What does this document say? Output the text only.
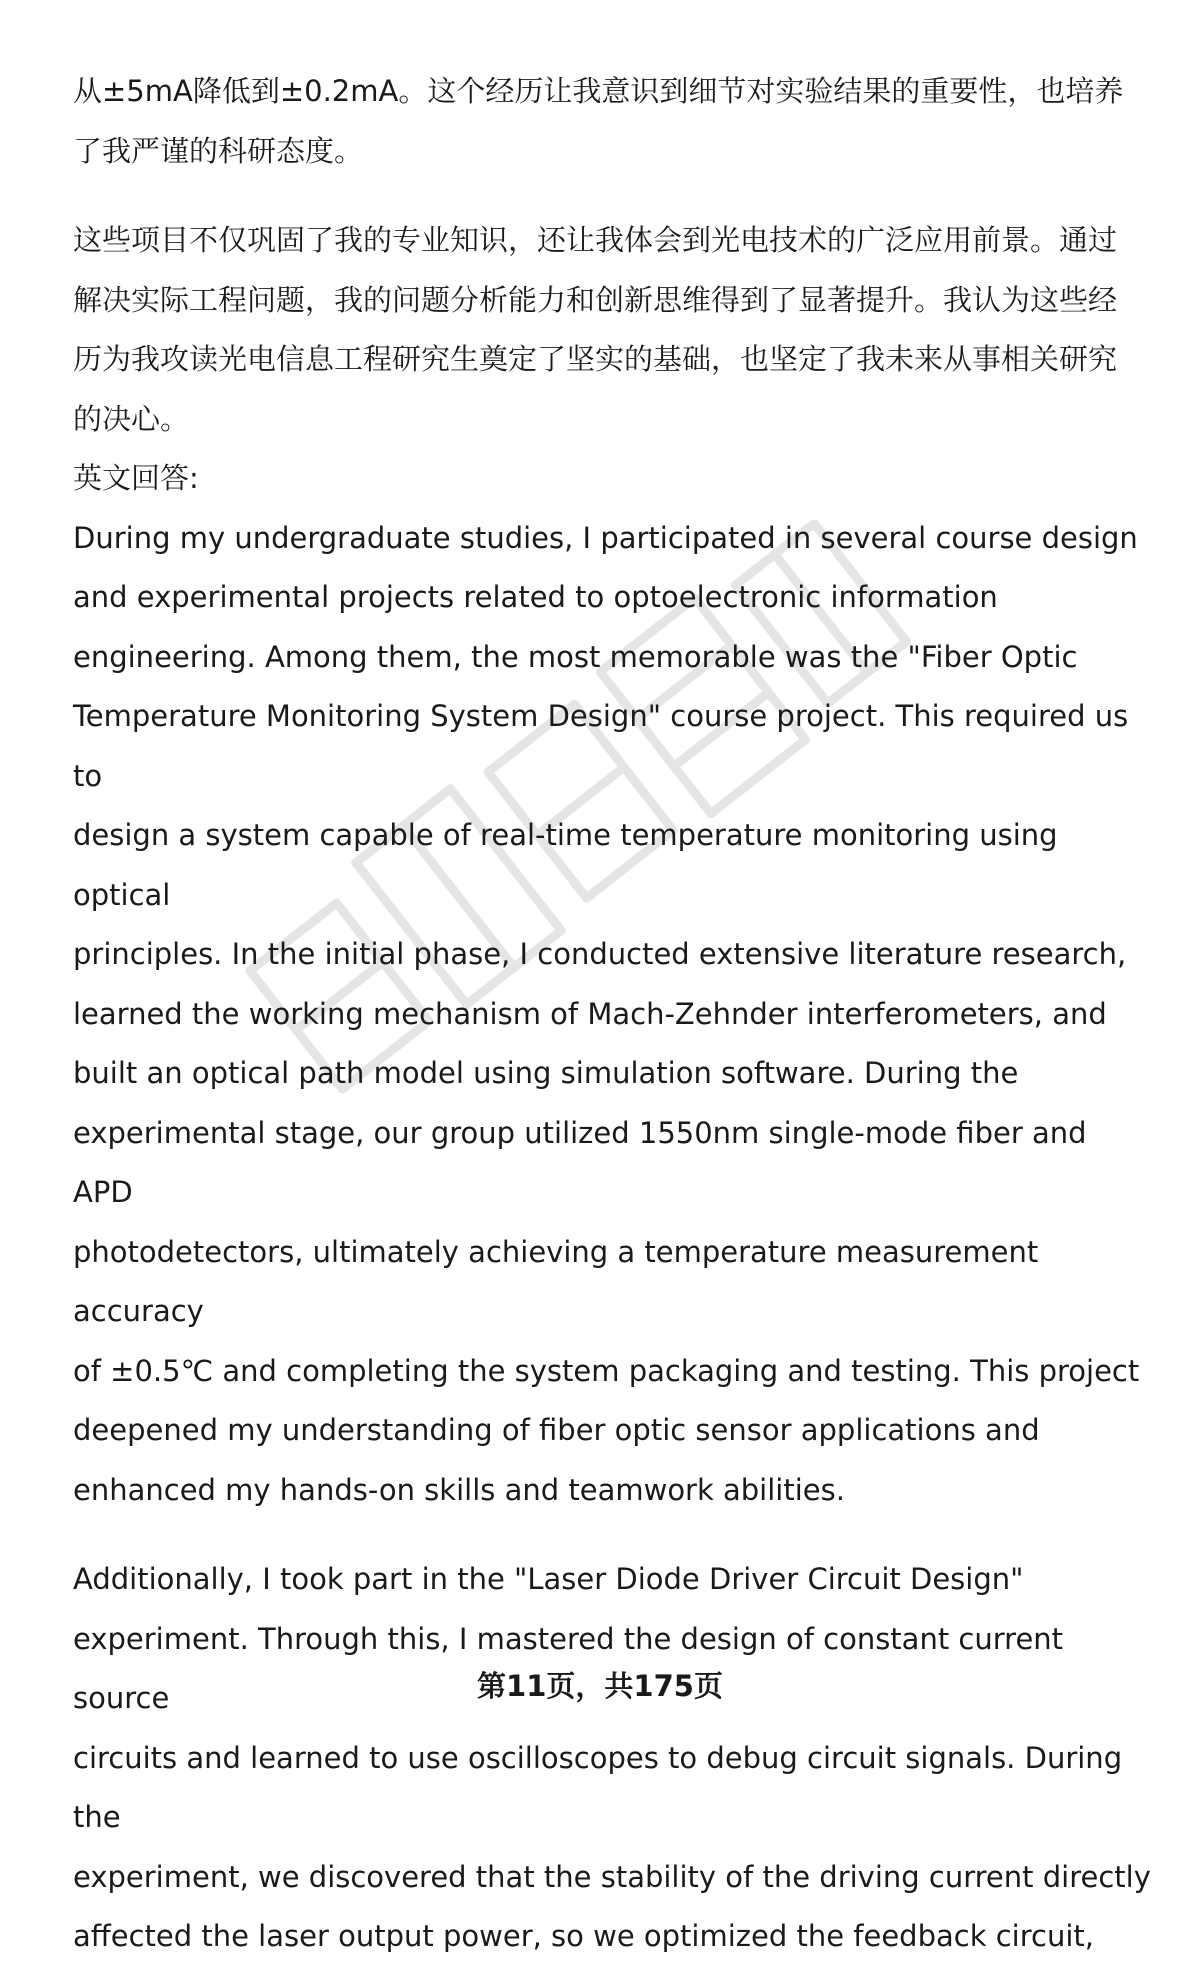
从±5mA降低到±0.2mA。这个经历让我意识到细节对实验结果的重要性，也培养
了我严谨的科研态度。

这些项目不仅巩固了我的专业知识，还让我体会到光电技术的广泛应用前景。通过
解决实际工程问题，我的问题分析能力和创新思维得到了显著提升。我认为这些经
历为我攻读光电信息工程研究生奠定了坚实的基础，也坚定了我未来从事相关研究
的决心。

英文回答:

During my undergraduate studies, I participated in several course design
and experimental projects related to optoelectronic information
engineering. Among them, the most memorable was the "Fiber Optic
Temperature Monitoring System Design" course project. This required us to
design a system capable of real-time temperature monitoring using optical
principles. In the initial phase, I conducted extensive literature research,
learned the working mechanism of Mach-Zehnder interferometers, and
built an optical path model using simulation software. During the
experimental stage, our group utilized 1550nm single-mode fiber and APD
photodetectors, ultimately achieving a temperature measurement accuracy
of ±0.5℃ and completing the system packaging and testing. This project
deepened my understanding of fiber optic sensor applications and
enhanced my hands-on skills and teamwork abilities.

Additionally, I took part in the "Laser Diode Driver Circuit Design"
experiment. Through this, I mastered the design of constant current source
circuits and learned to use oscilloscopes to debug circuit signals. During the
experiment, we discovered that the stability of the driving current directly
affected the laser output power, so we optimized the feedback circuit,

第11页，共175页
